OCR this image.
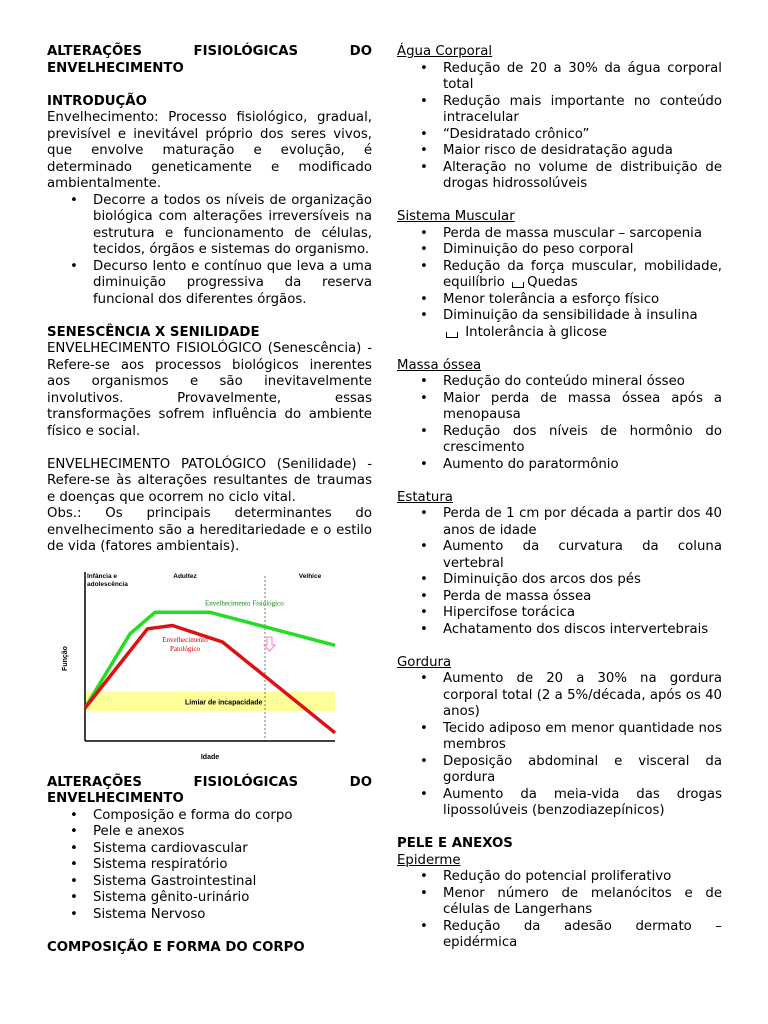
ALTERAÇÕES FISIOLÓGICAS DO ENVELHECIMENTO
INTRODUÇÃO

Envelhecimento: Processo fisiológico, gradual, previsível e inevitável próprio dos seres vivos, que envolve maturação e evolução, é determinado geneticamente e modificado ambientalmente.

• Decorre a todos os níveis de organização biológica com alterações irreversíveis na estrutura e funcionamento de células, tecidos, órgãos e sistemas do organismo.
• Decurso lento e contínuo que leva a uma diminuição progressiva da reserva funcional dos diferentes órgãos.
SENESCÊNCIA X SENILIDADE

ENVELHECIMENTO FISIOLÓGICO (Senescência) - Refere-se aos processos biológicos inerentes aos organismos e são inevitavelmente involutivos. Provavelmente, essas transformações sofrem influência do ambiente físico e social.

ENVELHECIMENTO PATOLÓGICO (Senilidade) - Refere-se às alterações resultantes de traumas e doenças que ocorrem no ciclo vital.

Obs.: Os principais determinantes do envelhecimento são a hereditariedade e o estilo de vida (fatores ambientais).

Limiar de incapacidade
Idade
Função
Infância e adolescência
Adultez	Velhice
Envelhecimento Fisiológico
Envelhecimento Patológico
ALTERAÇÕES FISIOLÓGICAS DO ENVELHECIMENTO
• Composição e forma do corpo
• Pele e anexos
• Sistema cardiovascular
• Sistema respiratório
• Sistema Gastrointestinal
• Sistema gênito-urinário
• Sistema Nervoso
COMPOSIÇÃO E FORMA DO CORPO
Água Corporal
• Redução de 20 a 30% da água corporal total
• Redução mais importante no conteúdo intracelular
• “Desidratado crônico”
• Maior risco de desidratação aguda
• Alteração no volume de distribuição de drogas hidrossolúveis
Sistema Muscular
• Perda de massa muscular – sarcopenia
• Diminuição do peso corporal
• Redução da força muscular, mobilidade, equilíbrio Quedas
• Menor tolerância a esforço físico
• Diminuição da sensibilidade à insulina
Intolerância à glicose
Massa óssea
• Redução do conteúdo mineral ósseo
• Maior perda de massa óssea após a menopausa
• Redução dos níveis de hormônio do crescimento
• Aumento do paratormônio
Estatura
• Perda de 1 cm por década a partir dos 40 anos de idade
• Aumento da curvatura da coluna vertebral
• Diminuição dos arcos dos pés
• Perda de massa óssea
• Hipercifose torácica
• Achatamento dos discos intervertebrais
Gordura
• Aumento de 20 a 30% na gordura corporal total (2 a 5%/década, após os 40 anos)
• Tecido adiposo em menor quantidade nos membros
• Deposição abdominal e visceral da gordura
• Aumento da meia-vida das drogas lipossolúveis (benzodiazepínicos)
PELE E ANEXOS
Epiderme
• Redução do potencial proliferativo
• Menor número de melanócitos e de células de Langerhans
• Redução da adesão dermato – epidérmica
